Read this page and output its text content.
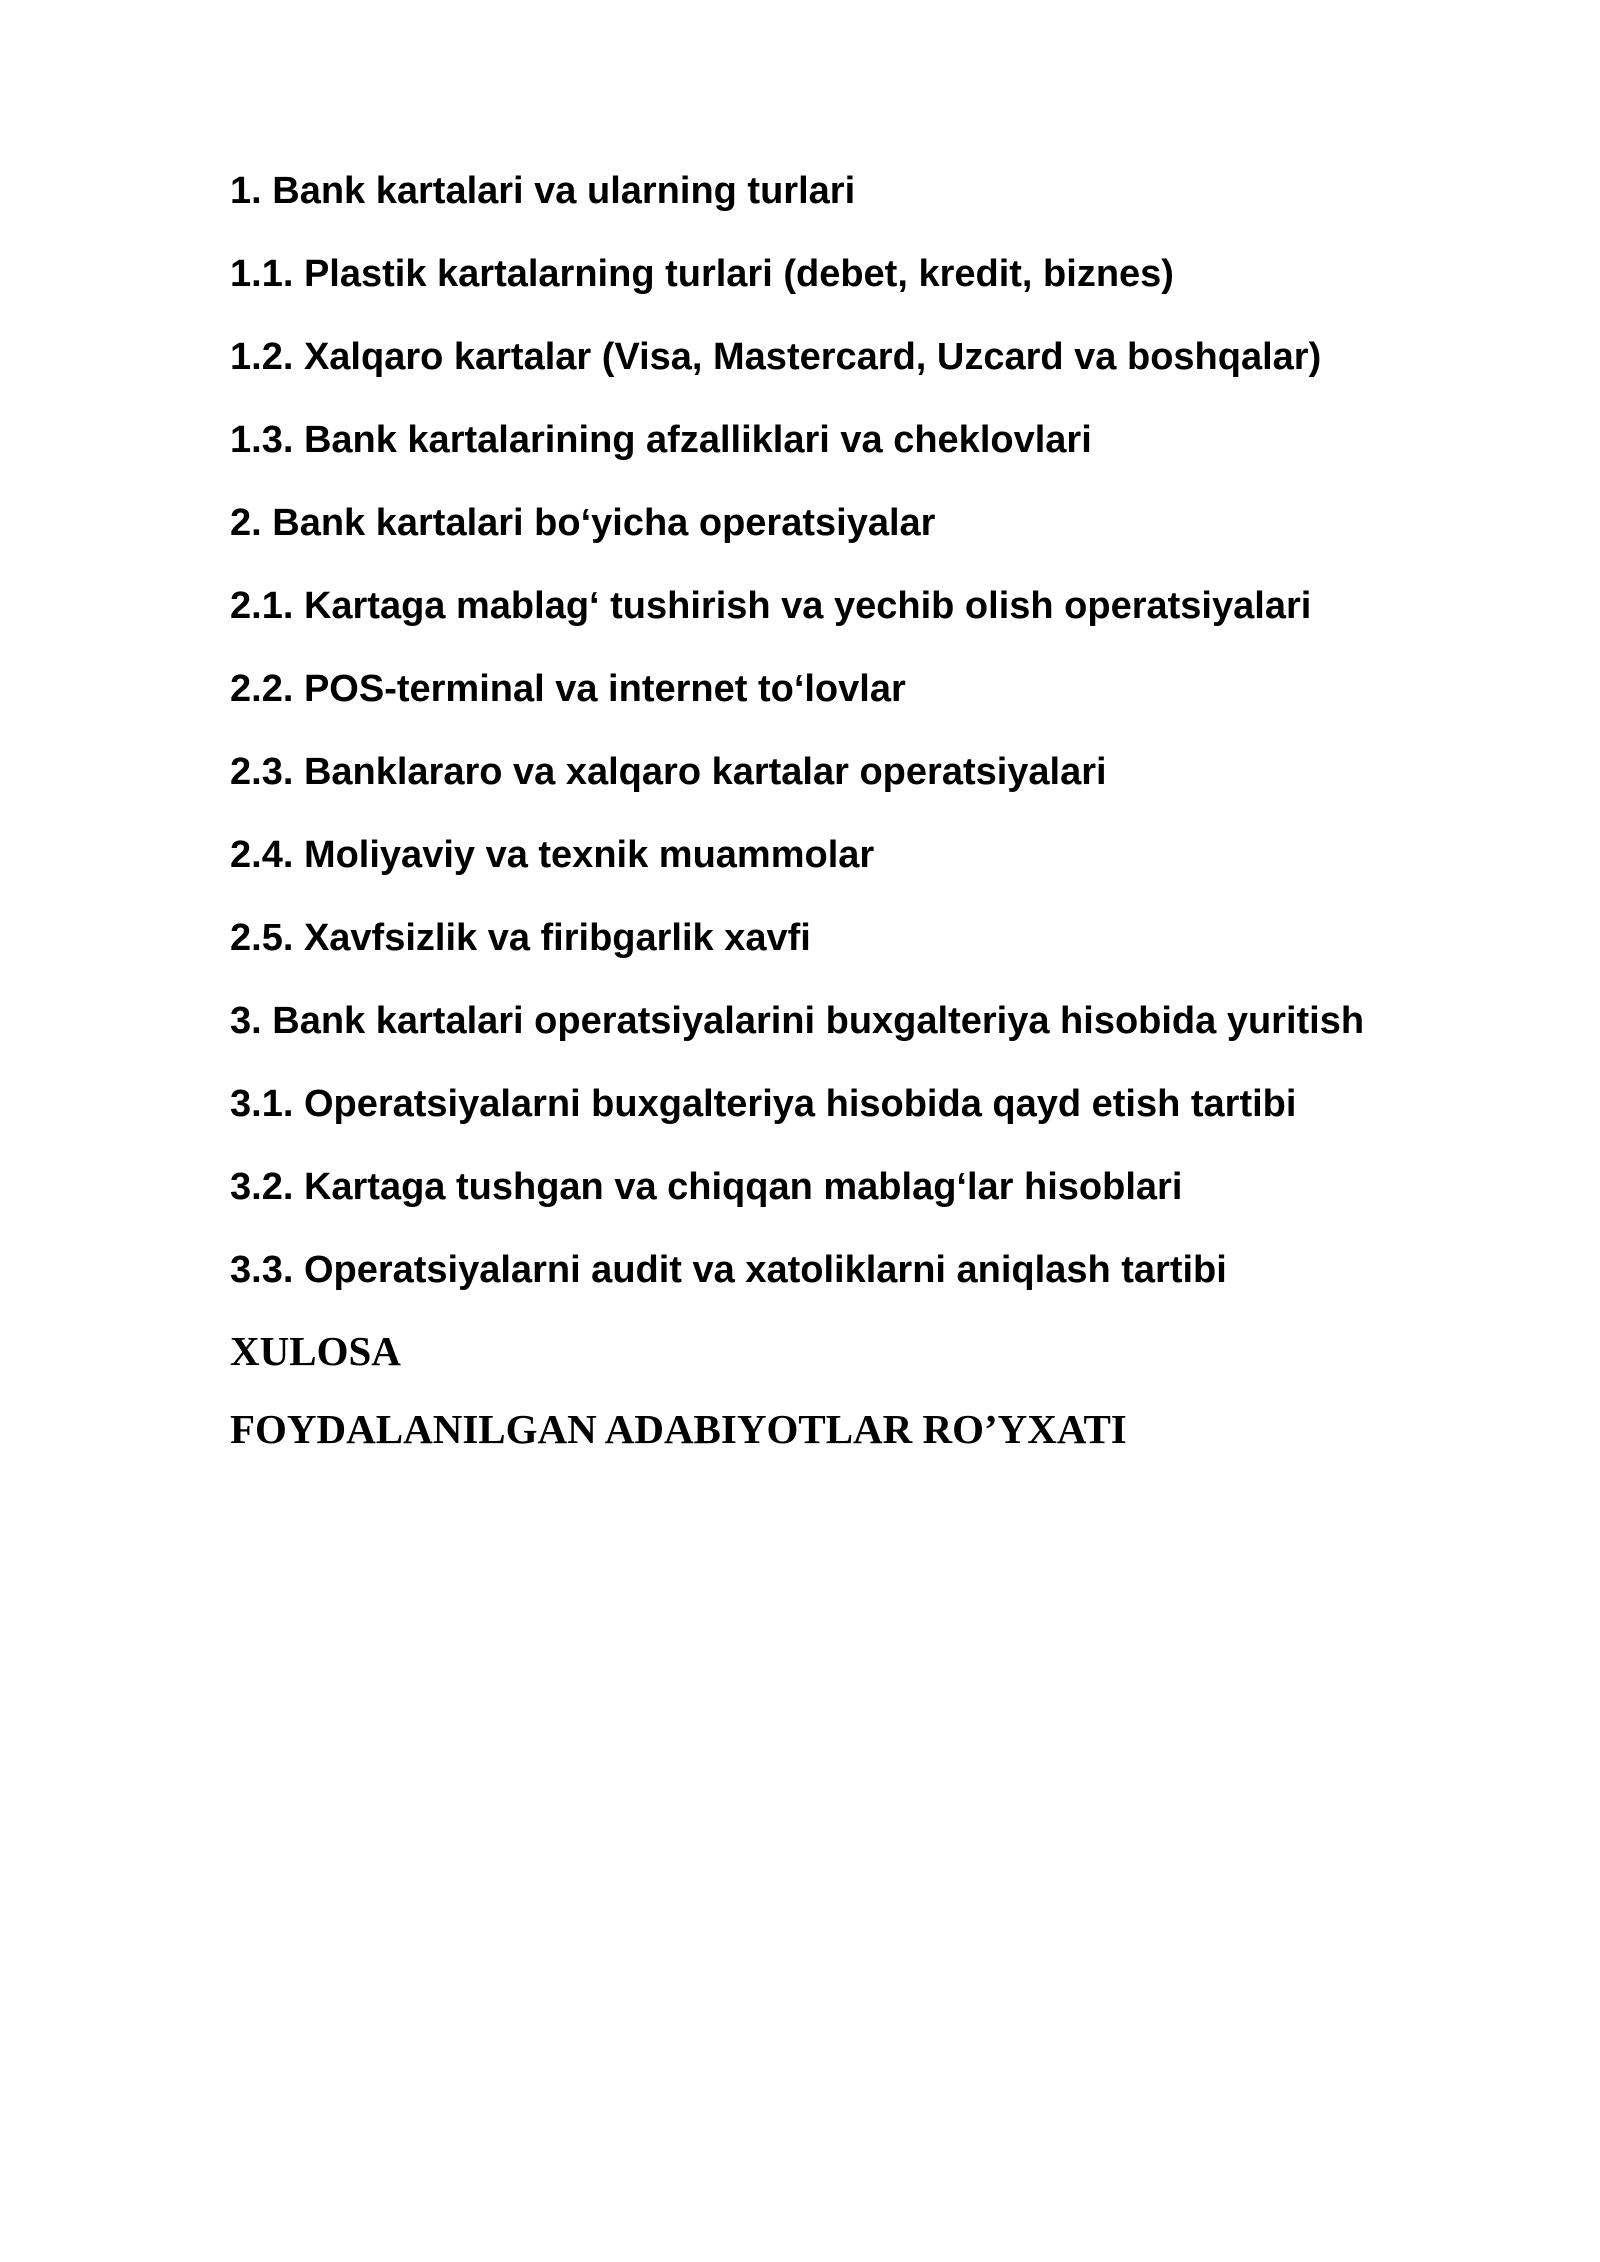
1. Bank kartalari va ularning turlari

1.1. Plastik kartalarning turlari (debet, kredit, biznes)

1.2. Xalqaro kartalar (Visa, Mastercard, Uzcard va boshqalar)

1.3. Bank kartalarining afzalliklari va cheklovlari

2. Bank kartalari bo‘yicha operatsiyalar

2.1. Kartaga mablag‘ tushirish va yechib olish operatsiyalari

2.2. POS-terminal va internet to‘lovlar

2.3. Banklararo va xalqaro kartalar operatsiyalari

2.4. Moliyaviy va texnik muammolar

2.5. Xavfsizlik va firibgarlik xavfi

3. Bank kartalari operatsiyalarini buxgalteriya hisobida yuritish

3.1. Operatsiyalarni buxgalteriya hisobida qayd etish tartibi

3.2. Kartaga tushgan va chiqqan mablag‘lar hisoblari

3.3. Operatsiyalarni audit va xatoliklarni aniqlash tartibi

XULOSA

FOYDALANILGAN ADABIYOTLAR RO’YXATI
